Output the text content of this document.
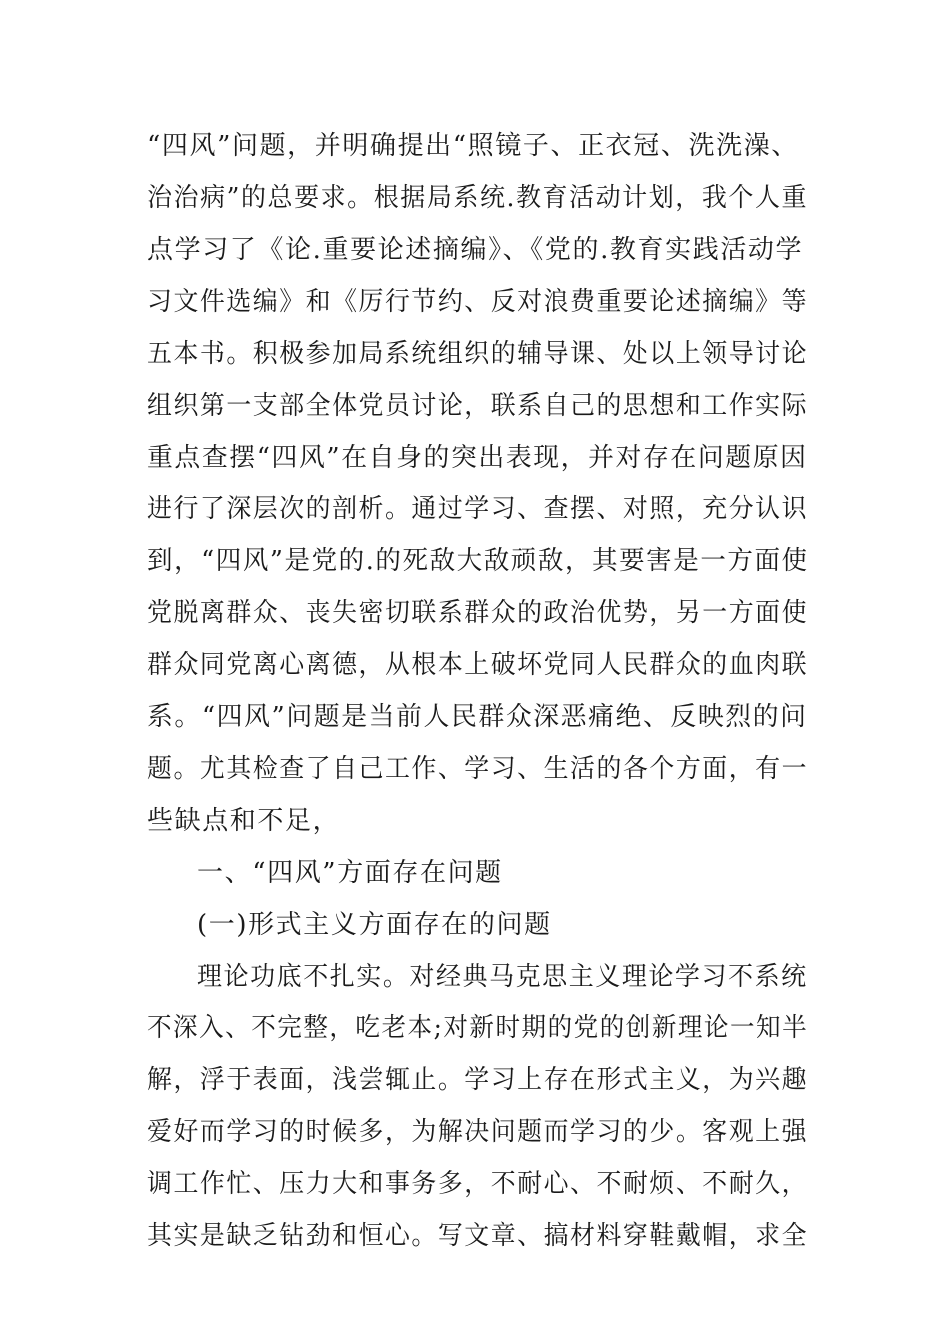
“四风”问题，并明确提出“照镜子、正衣冠、洗洗澡、
治治病”的总要求。根据局系统.教育活动计划，我个人重
点学习了《论.重要论述摘编》、《党的.教育实践活动学
习文件选编》和《厉行节约、反对浪费重要论述摘编》等
五本书。积极参加局系统组织的辅导课、处以上领导讨论
组织第一支部全体党员讨论，联系自己的思想和工作实际
重点查摆“四风”在自身的突出表现，并对存在问题原因
进行了深层次的剖析。通过学习、查摆、对照，充分认识
到，“四风”是党的.的死敌大敌顽敌，其要害是一方面使
党脱离群众、丧失密切联系群众的政治优势，另一方面使
群众同党离心离德，从根本上破坏党同人民群众的血肉联
系。“四风”问题是当前人民群众深恶痛绝、反映烈的问
题。尤其检查了自己工作、学习、生活的各个方面，有一
些缺点和不足，
一、“四风”方面存在问题
(一)形式主义方面存在的问题
理论功底不扎实。对经典马克思主义理论学习不系统
不深入、不完整，吃老本;对新时期的党的创新理论一知半
解，浮于表面，浅尝辄止。学习上存在形式主义，为兴趣
爱好而学习的时候多，为解决问题而学习的少。客观上强
调工作忙、压力大和事务多，不耐心、不耐烦、不耐久，
其实是缺乏钻劲和恒心。写文章、搞材料穿鞋戴帽，求全
